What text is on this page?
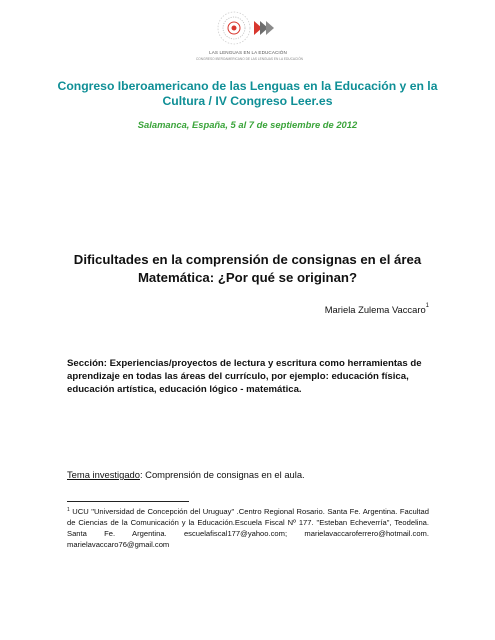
LAS LENGUAS EN LA EDUCACIÓN
CONGRESO IBEROAMERICANO DE LAS LENGUAS EN LA EDUCACIÓN
Congreso Iberoamericano de las Lenguas en la Educación y en la Cultura / IV Congreso Leer.es
Salamanca, España, 5 al 7 de septiembre de 2012
Dificultades en la comprensión de consignas en el área Matemática: ¿Por qué se originan?
Mariela Zulema Vaccaro$^1$
Sección: Experiencias/proyectos de lectura y escritura como herramientas de aprendizaje en todas las áreas del currículo, por ejemplo: educación física, educación artística, educación lógico - matemática.
Tema investigado: Comprensión de consignas en el aula.
$^1$ UCU "Universidad de Concepción del Uruguay" .Centro Regional Rosario. Santa Fe. Argentina. Facultad de Ciencias de la Comunicación y la Educación.Escuela Fiscal Nº 177. "Esteban Echeverría", Teodelina. Santa Fe. Argentina. escuelafiscal177@yahoo.com; marielavaccaroferrero@hotmail.com. marielavaccaro76@gmail.com
